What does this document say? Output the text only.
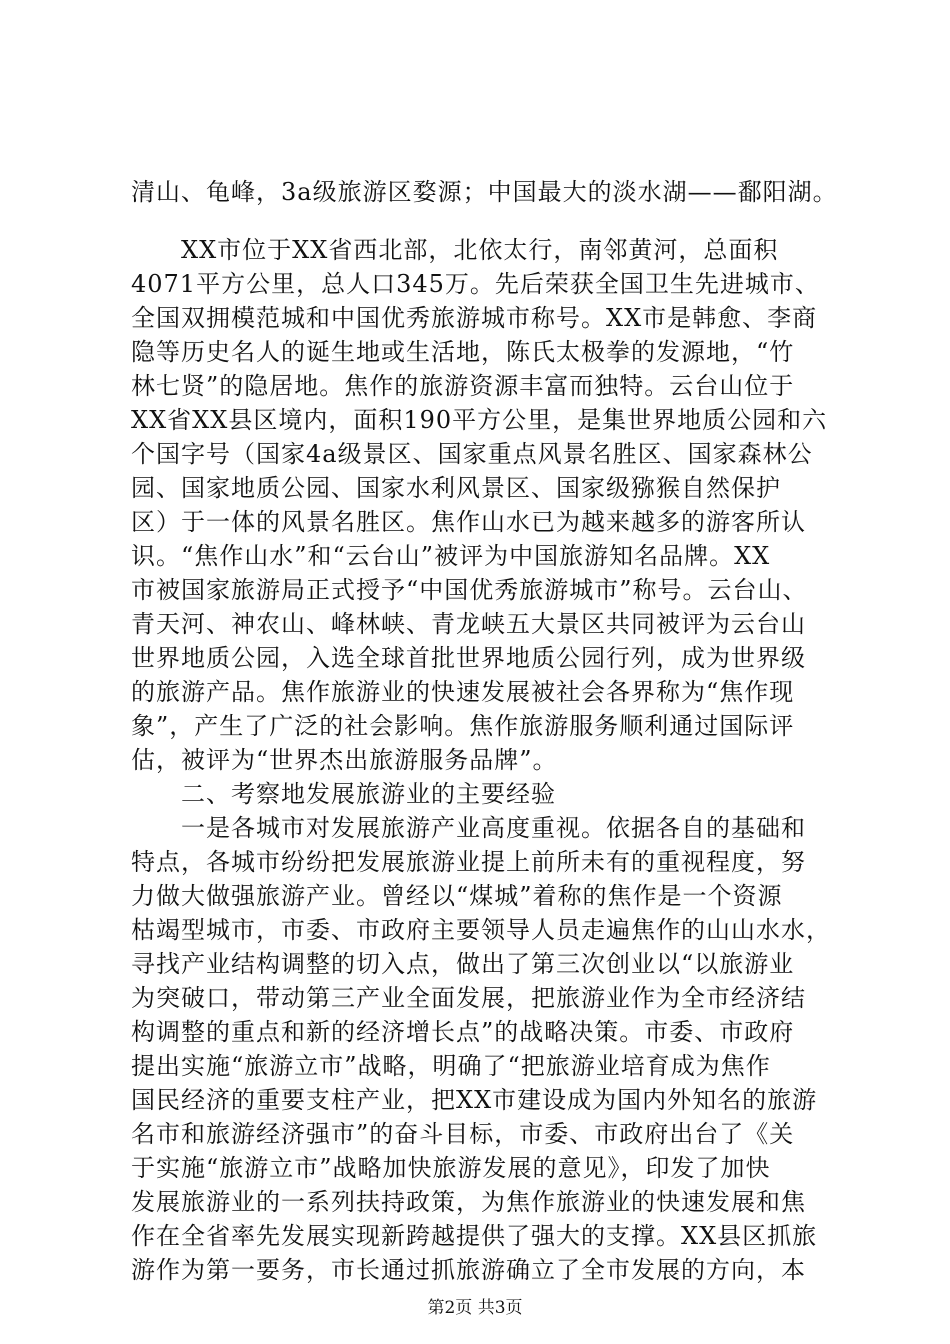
清山、龟峰，3a级旅游区婺源；中国最大的淡水湖——鄱阳湖。
XX市位于XX省西北部，北依太行，南邻黄河，总面积
4071平方公里，总人口345万。先后荣获全国卫生先进城市、
全国双拥模范城和中国优秀旅游城市称号。XX市是韩愈、李商
隐等历史名人的诞生地或生活地，陈氏太极拳的发源地，“竹
林七贤”的隐居地。焦作的旅游资源丰富而独特。云台山位于
XX省XX县区境内，面积190平方公里，是集世界地质公园和六
个国字号（国家4a级景区、国家重点风景名胜区、国家森林公
园、国家地质公园、国家水利风景区、国家级猕猴自然保护
区）于一体的风景名胜区。焦作山水已为越来越多的游客所认
识。“焦作山水”和“云台山”被评为中国旅游知名品牌。XX
市被国家旅游局正式授予“中国优秀旅游城市”称号。云台山、
青天河、神农山、峰林峡、青龙峡五大景区共同被评为云台山
世界地质公园，入选全球首批世界地质公园行列，成为世界级
的旅游产品。焦作旅游业的快速发展被社会各界称为“焦作现
象”，产生了广泛的社会影响。焦作旅游服务顺利通过国际评
估，被评为“世界杰出旅游服务品牌”。
二、考察地发展旅游业的主要经验
一是各城市对发展旅游产业高度重视。依据各自的基础和
特点，各城市纷纷把发展旅游业提上前所未有的重视程度，努
力做大做强旅游产业。曾经以“煤城”着称的焦作是一个资源
枯竭型城市，市委、市政府主要领导人员走遍焦作的山山水水，
寻找产业结构调整的切入点，做出了第三次创业以“以旅游业
为突破口，带动第三产业全面发展，把旅游业作为全市经济结
构调整的重点和新的经济增长点”的战略决策。市委、市政府
提出实施“旅游立市”战略，明确了“把旅游业培育成为焦作
国民经济的重要支柱产业，把XX市建设成为国内外知名的旅游
名市和旅游经济强市”的奋斗目标，市委、市政府出台了《关
于实施“旅游立市”战略加快旅游发展的意见》，印发了加快
发展旅游业的一系列扶持政策，为焦作旅游业的快速发展和焦
作在全省率先发展实现新跨越提供了强大的支撑。XX县区抓旅
游作为第一要务，市长通过抓旅游确立了全市发展的方向，本
第2页 共3页
